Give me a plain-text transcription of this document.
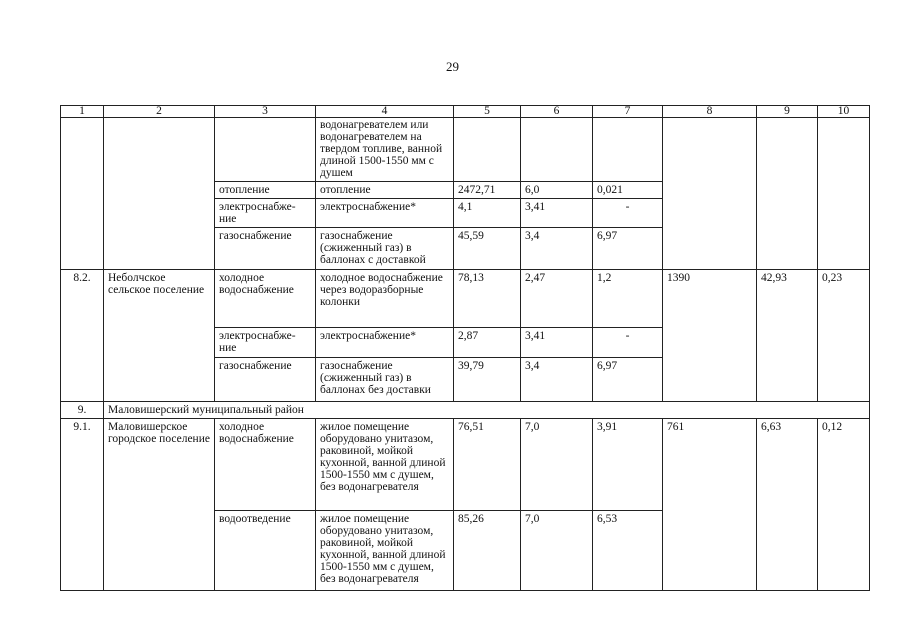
29
1	2	3	4	5	6	7	8	9	10
			водонагревателем или водонагревателем на твердом топливе, ванной длиной 1500-1550 мм с душем						
		отопление	отопление	2472,71	6,0	0,021			
		электроснабже-ние	электроснабжение*	4,1	3,41	-			
		газоснабжение	газоснабжение (сжиженный газ) в баллонах с доставкой	45,59	3,4	6,97			
8.2.	Неболчское сельское поселение	холодное водоснабжение	холодное водоснабжение через водоразборные колонки	78,13	2,47	1,2	1390	42,93	0,23
		электроснабже-ние	электроснабжение*	2,87	3,41	-			
		газоснабжение	газоснабжение (сжиженный газ) в баллонах без доставки	39,79	3,4	6,97			
9.	Маловишерский муниципальный район								
9.1.	Маловишерское городское поселение	холодное водоснабжение	жилое помещение оборудовано унитазом, раковиной, мойкой кухонной, ванной длиной 1500-1550 мм с душем, без водонагревателя	76,51	7,0	3,91	761	6,63	0,12
		водоотведение	жилое помещение оборудовано унитазом, раковиной, мойкой кухонной, ванной длиной 1500-1550 мм с душем, без водонагревателя	85,26	7,0	6,53			
